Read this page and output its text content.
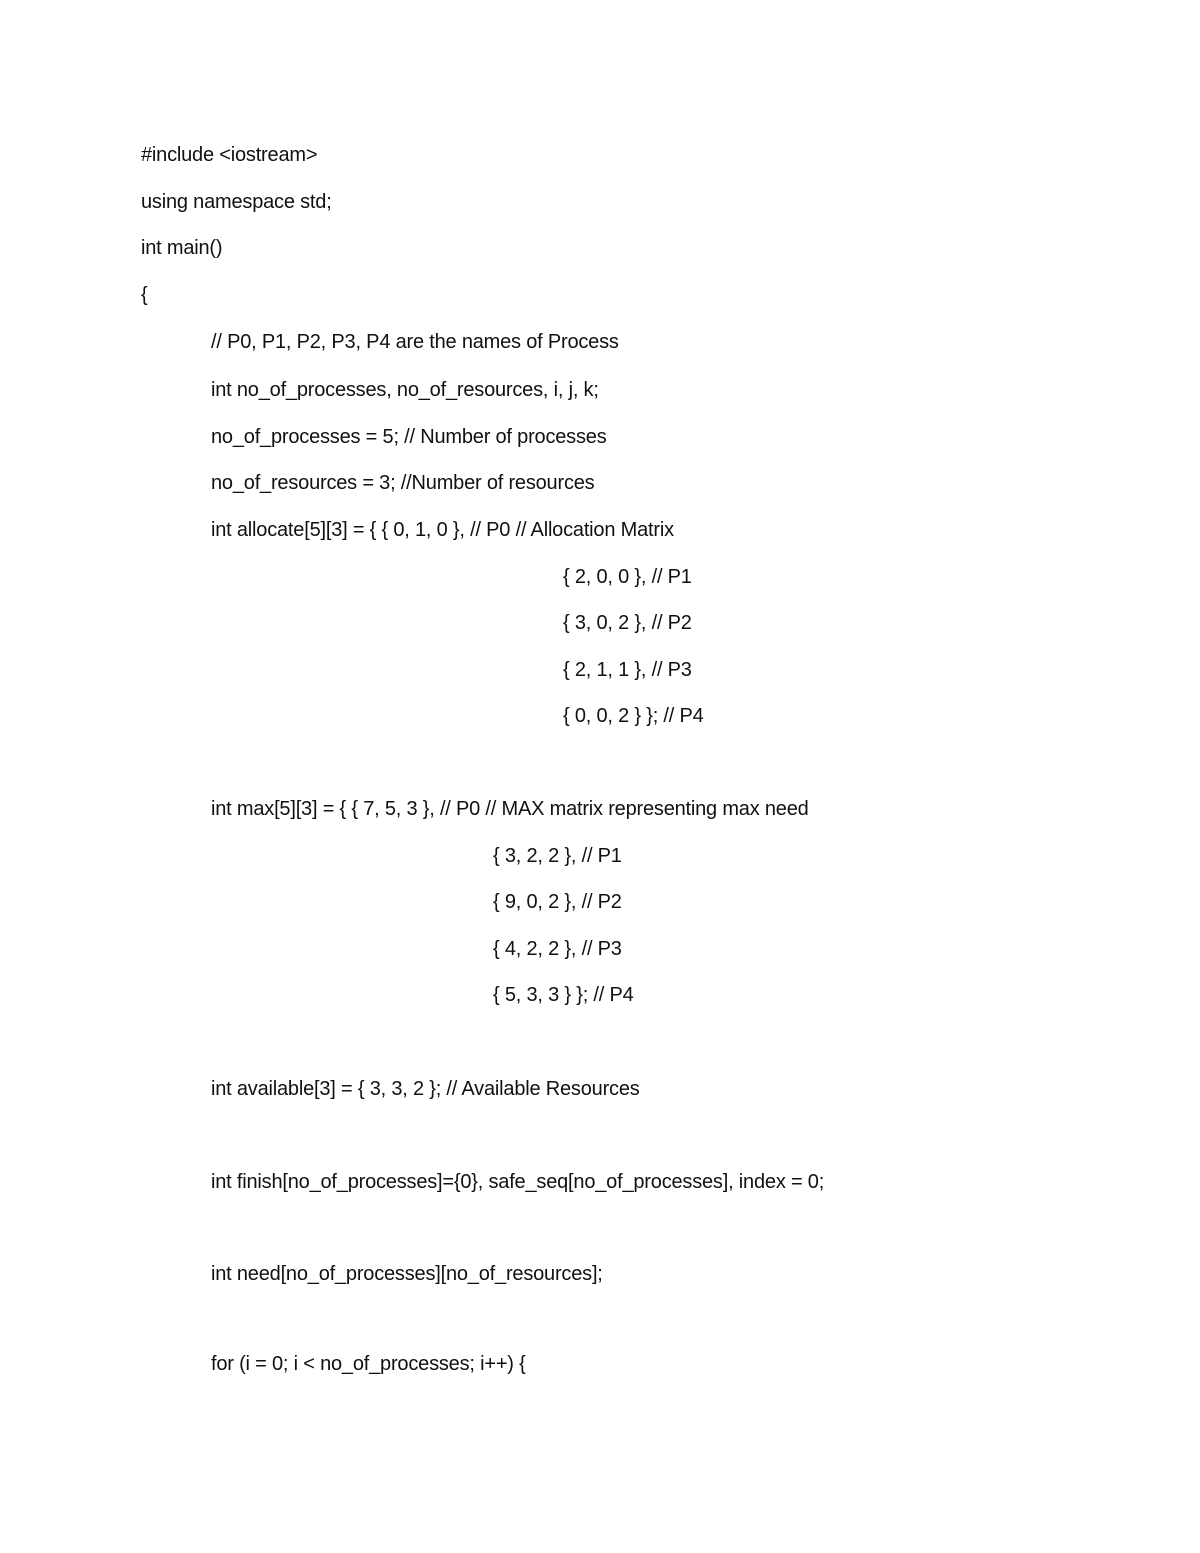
#include <iostream>
using namespace std;
int main()
{
// P0, P1, P2, P3, P4 are the names of Process
int no_of_processes, no_of_resources, i, j, k;
no_of_processes = 5; // Number of processes
no_of_resources = 3; //Number of resources
int allocate[5][3] = { { 0, 1, 0 }, // P0 // Allocation Matrix
{ 2, 0, 0 }, // P1
{ 3, 0, 2 }, // P2
{ 2, 1, 1 }, // P3
{ 0, 0, 2 } }; // P4
int max[5][3] = { { 7, 5, 3 }, // P0 // MAX matrix representing max need
{ 3, 2, 2 }, // P1
{ 9, 0, 2 }, // P2
{ 4, 2, 2 }, // P3
{ 5, 3, 3 } }; // P4
int available[3] = { 3, 3, 2 }; // Available Resources
int finish[no_of_processes]={0}, safe_seq[no_of_processes], index = 0;
int need[no_of_processes][no_of_resources];
for (i = 0; i < no_of_processes; i++) {
